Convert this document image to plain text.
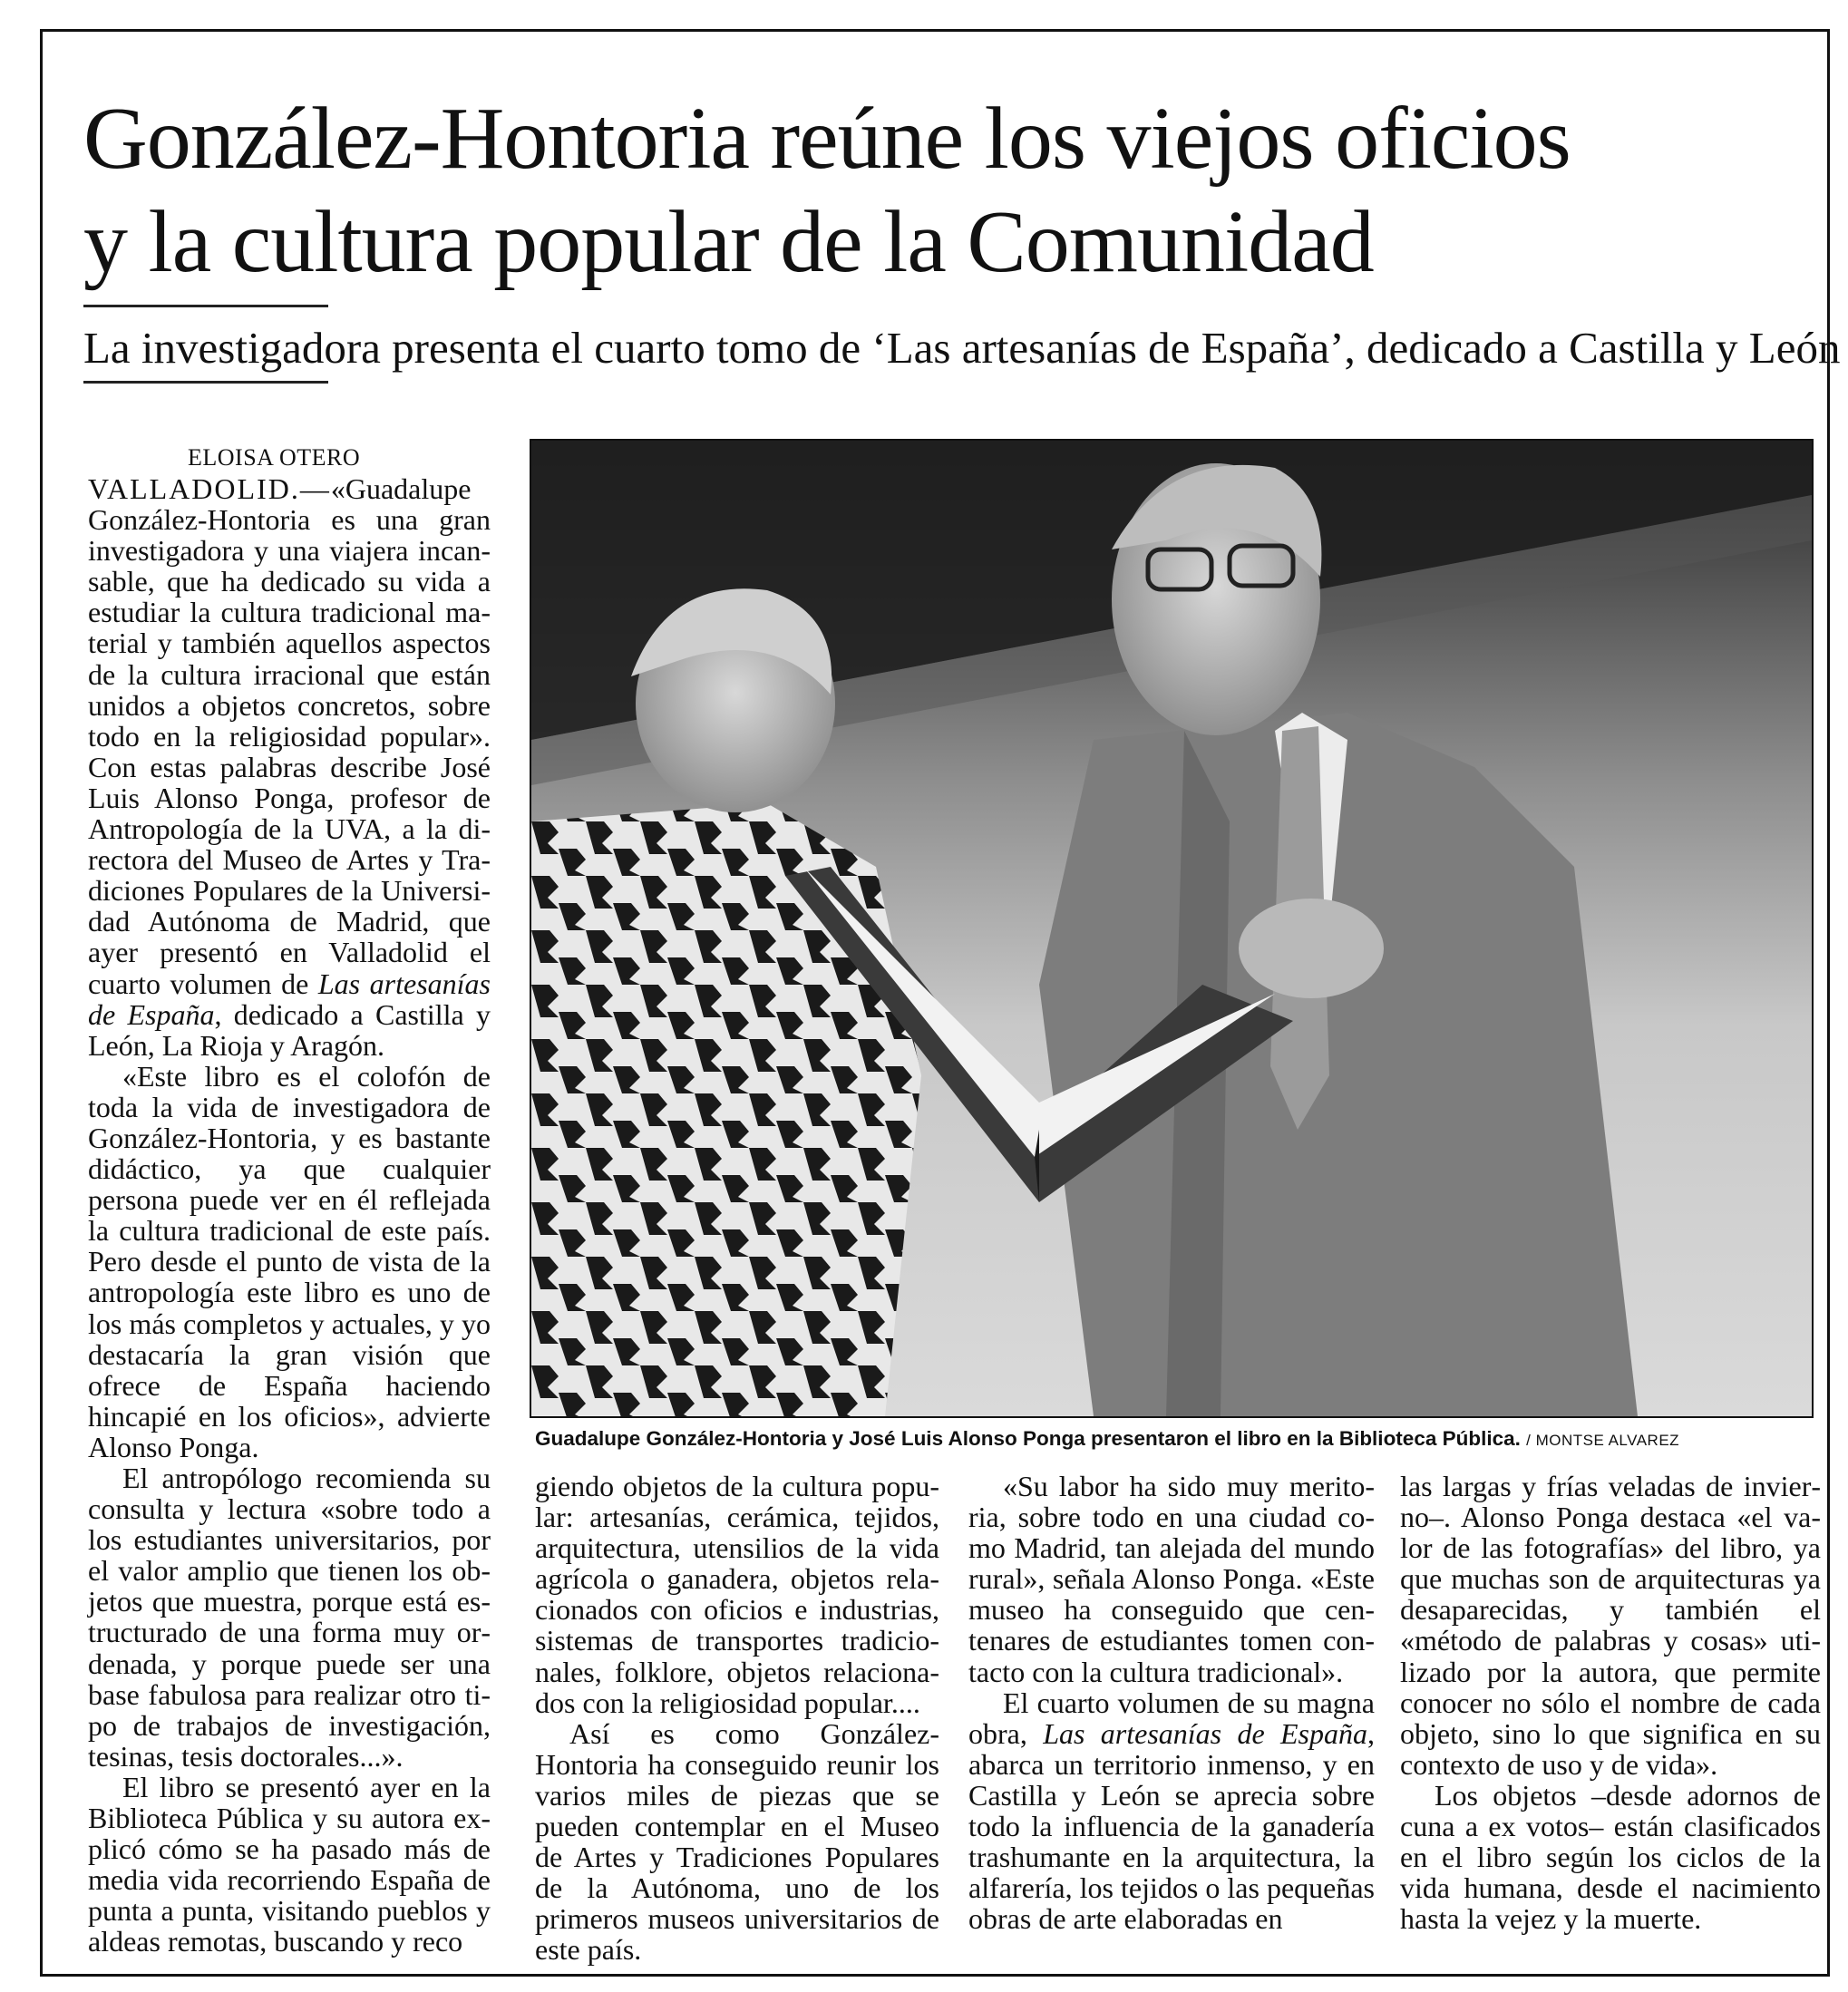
González-Hontoria reúne los viejos oficios
y la cultura popular de la Comunidad
La investigadora presenta el cuarto tomo de ‘Las artesanías de España’, dedicado a Castilla y León
ELOISA OTERO

VALLADOLID.—«Guadalupe González-Hontoria es una gran investigadora y una viajera incansable, que ha dedicado su vida a estudiar la cultura tradicional material y también aquellos aspectos de la cultura irracional que están unidos a objetos concretos, sobre todo en la religiosidad popular». Con estas palabras describe José Luis Alonso Ponga, profesor de Antropología de la UVA, a la directora del Museo de Artes y Tradiciones Populares de la Universidad Autónoma de Madrid, que ayer presentó en Valladolid el cuarto volumen de Las artesanías de España, dedicado a Castilla y León, La Rioja y Aragón.

«Este libro es el colofón de toda la vida de investigadora de González-Hontoria, y es bastante didáctico, ya que cualquier persona puede ver en él reflejada la cultura tradicional de este país. Pero desde el punto de vista de la antropología este libro es uno de los más completos y actuales, y yo destacaría la gran visión que ofrece de España haciendo hincapié en los oficios», advierte Alonso Ponga.

El antropólogo recomienda su consulta y lectura «sobre todo a los estudiantes universitarios, por el valor amplio que tienen los objetos que muestra, porque está estructurado de una forma muy ordenada, y porque puede ser una base fabulosa para realizar otro tipo de trabajos de investigación, tesinas, tesis doctorales...».

El libro se presentó ayer en la Biblioteca Pública y su autora explicó cómo se ha pasado más de media vida recorriendo España de punta a punta, visitando pueblos y aldeas remotas, buscando y reco

Guadalupe González-Hontoria y José Luis Alonso Ponga presentaron el libro en la Biblioteca Pública. / MONTSE ALVAREZ

giendo objetos de la cultura popular: artesanías, cerámica, tejidos, arquitectura, utensilios de la vida agrícola o ganadera, objetos relacionados con oficios e industrias, sistemas de transportes tradicionales, folklore, objetos relacionados con la religiosidad popular....

Así es como González-Hontoria ha conseguido reunir los varios miles de piezas que se pueden contemplar en el Museo de Artes y Tradiciones Populares de la Autónoma, uno de los primeros museos universitarios de este país.

«Su labor ha sido muy meritoria, sobre todo en una ciudad como Madrid, tan alejada del mundo rural», señala Alonso Ponga. «Este museo ha conseguido que centenares de estudiantes tomen contacto con la cultura tradicional».

El cuarto volumen de su magna obra, Las artesanías de España, abarca un territorio inmenso, y en Castilla y León se aprecia sobre todo la influencia de la ganadería trashumante en la arquitectura, la alfarería, los tejidos o las pequeñas obras de arte elaboradas en

las largas y frías veladas de invierno–. Alonso Ponga destaca «el valor de las fotografías» del libro, ya que muchas son de arquitecturas ya desaparecidas, y también el «método de palabras y cosas» utilizado por la autora, que permite conocer no sólo el nombre de cada objeto, sino lo que significa en su contexto de uso y de vida».

Los objetos –desde adornos de cuna a ex votos– están clasificados en el libro según los ciclos de la vida humana, desde el nacimiento hasta la vejez y la muerte.
